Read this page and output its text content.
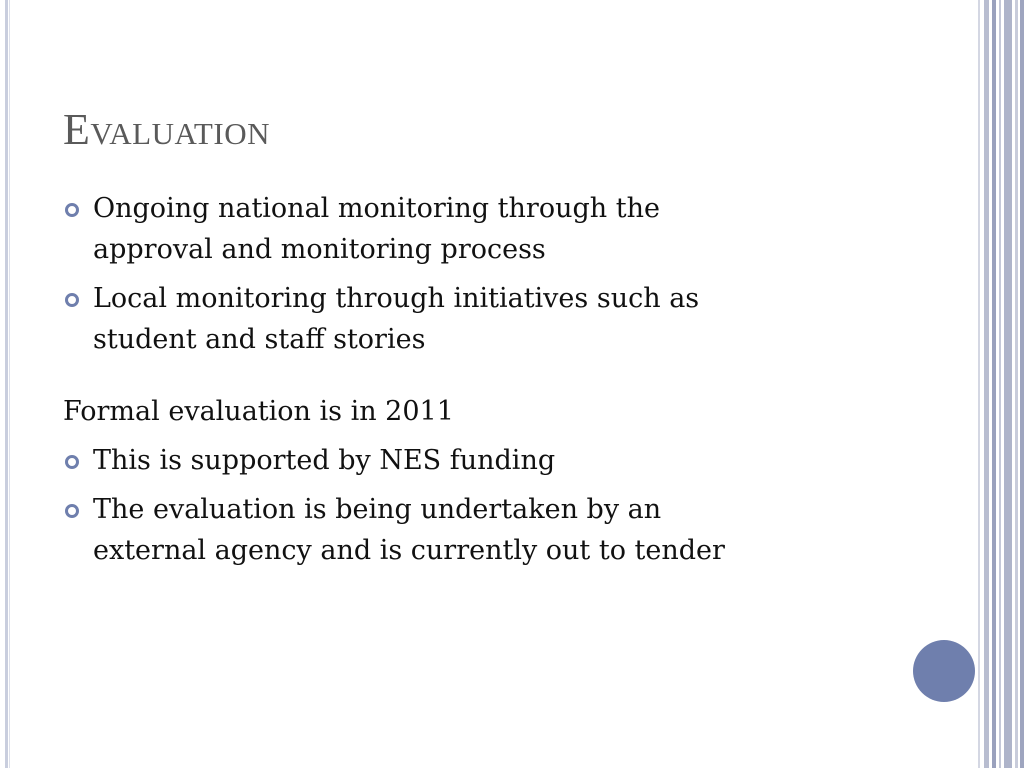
Evaluation
Ongoing national monitoring through the
approval and monitoring process
Local monitoring through initiatives such as
student and staff stories
Formal evaluation is in 2011
This is supported by NES funding
The evaluation is being undertaken by an
external agency and is currently out to tender
